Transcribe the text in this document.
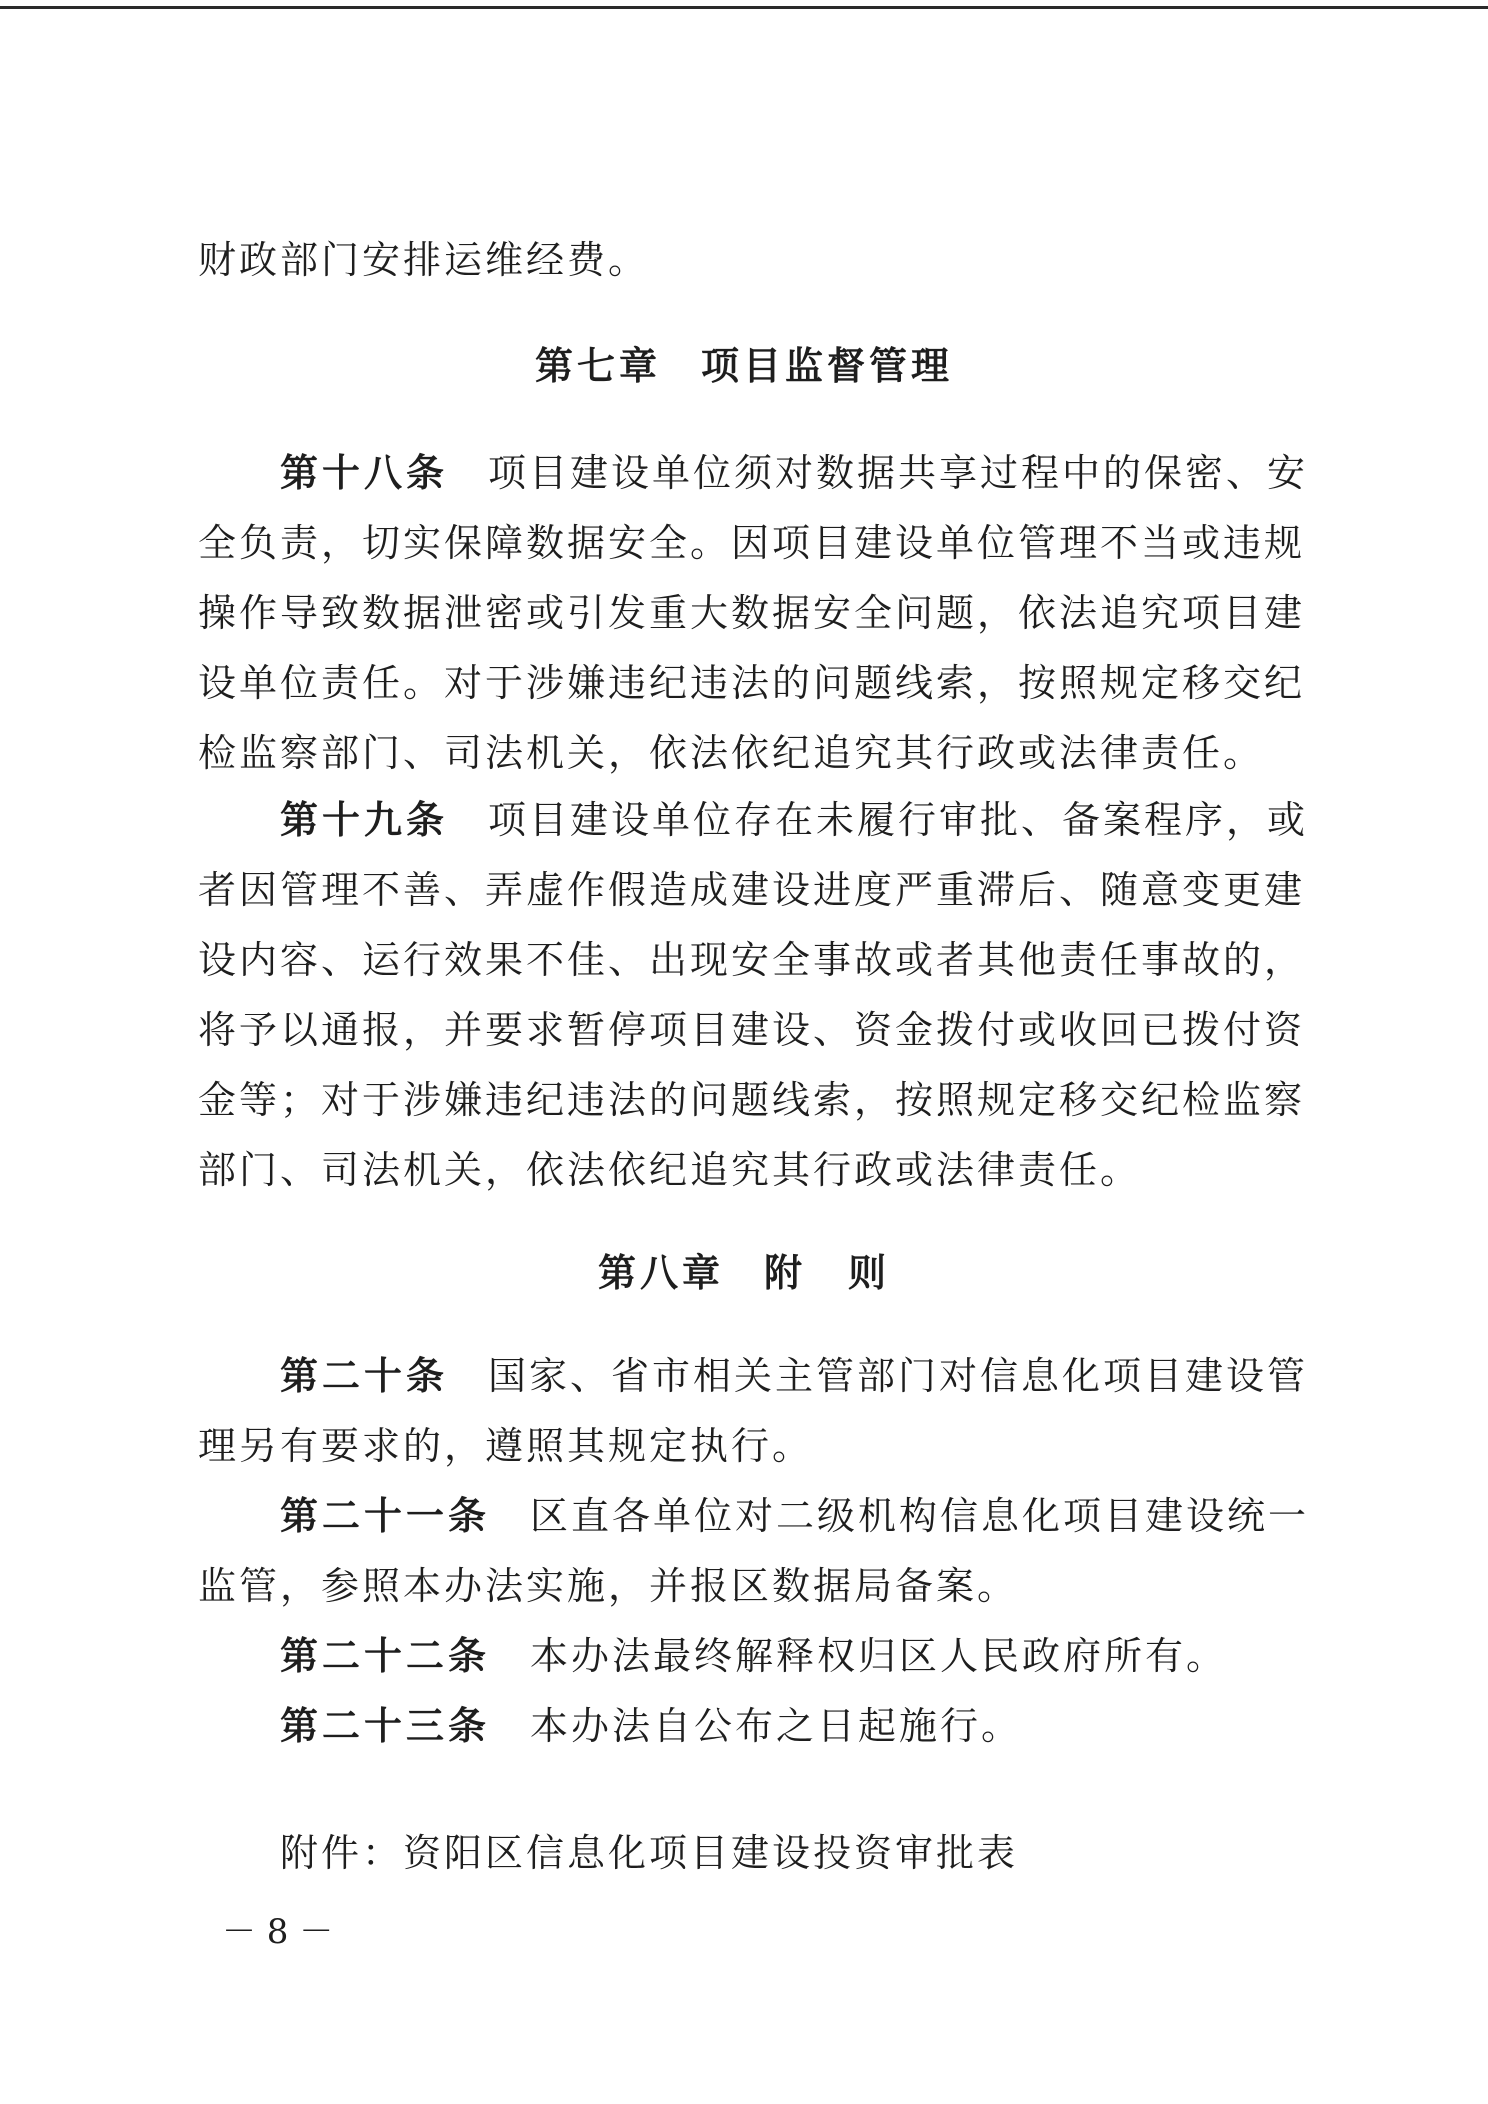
财政部门安排运维经费。
第七章 项目监督管理
第十八条 项目建设单位须对数据共享过程中的保密、安
全负责，切实保障数据安全。因项目建设单位管理不当或违规
操作导致数据泄密或引发重大数据安全问题，依法追究项目建
设单位责任。对于涉嫌违纪违法的问题线索，按照规定移交纪
检监察部门、司法机关，依法依纪追究其行政或法律责任。
第十九条 项目建设单位存在未履行审批、备案程序，或
者因管理不善、弄虚作假造成建设进度严重滞后、随意变更建
设内容、运行效果不佳、出现安全事故或者其他责任事故的，
将予以通报，并要求暂停项目建设、资金拨付或收回已拨付资
金等；对于涉嫌违纪违法的问题线索，按照规定移交纪检监察
部门、司法机关，依法依纪追究其行政或法律责任。
第八章 附　则
第二十条 国家、省市相关主管部门对信息化项目建设管
理另有要求的，遵照其规定执行。
第二十一条 区直各单位对二级机构信息化项目建设统一
监管，参照本办法实施，并报区数据局备案。
第二十二条 本办法最终解释权归区人民政府所有。
第二十三条 本办法自公布之日起施行。
附件：资阳区信息化项目建设投资审批表
－ 8 －
